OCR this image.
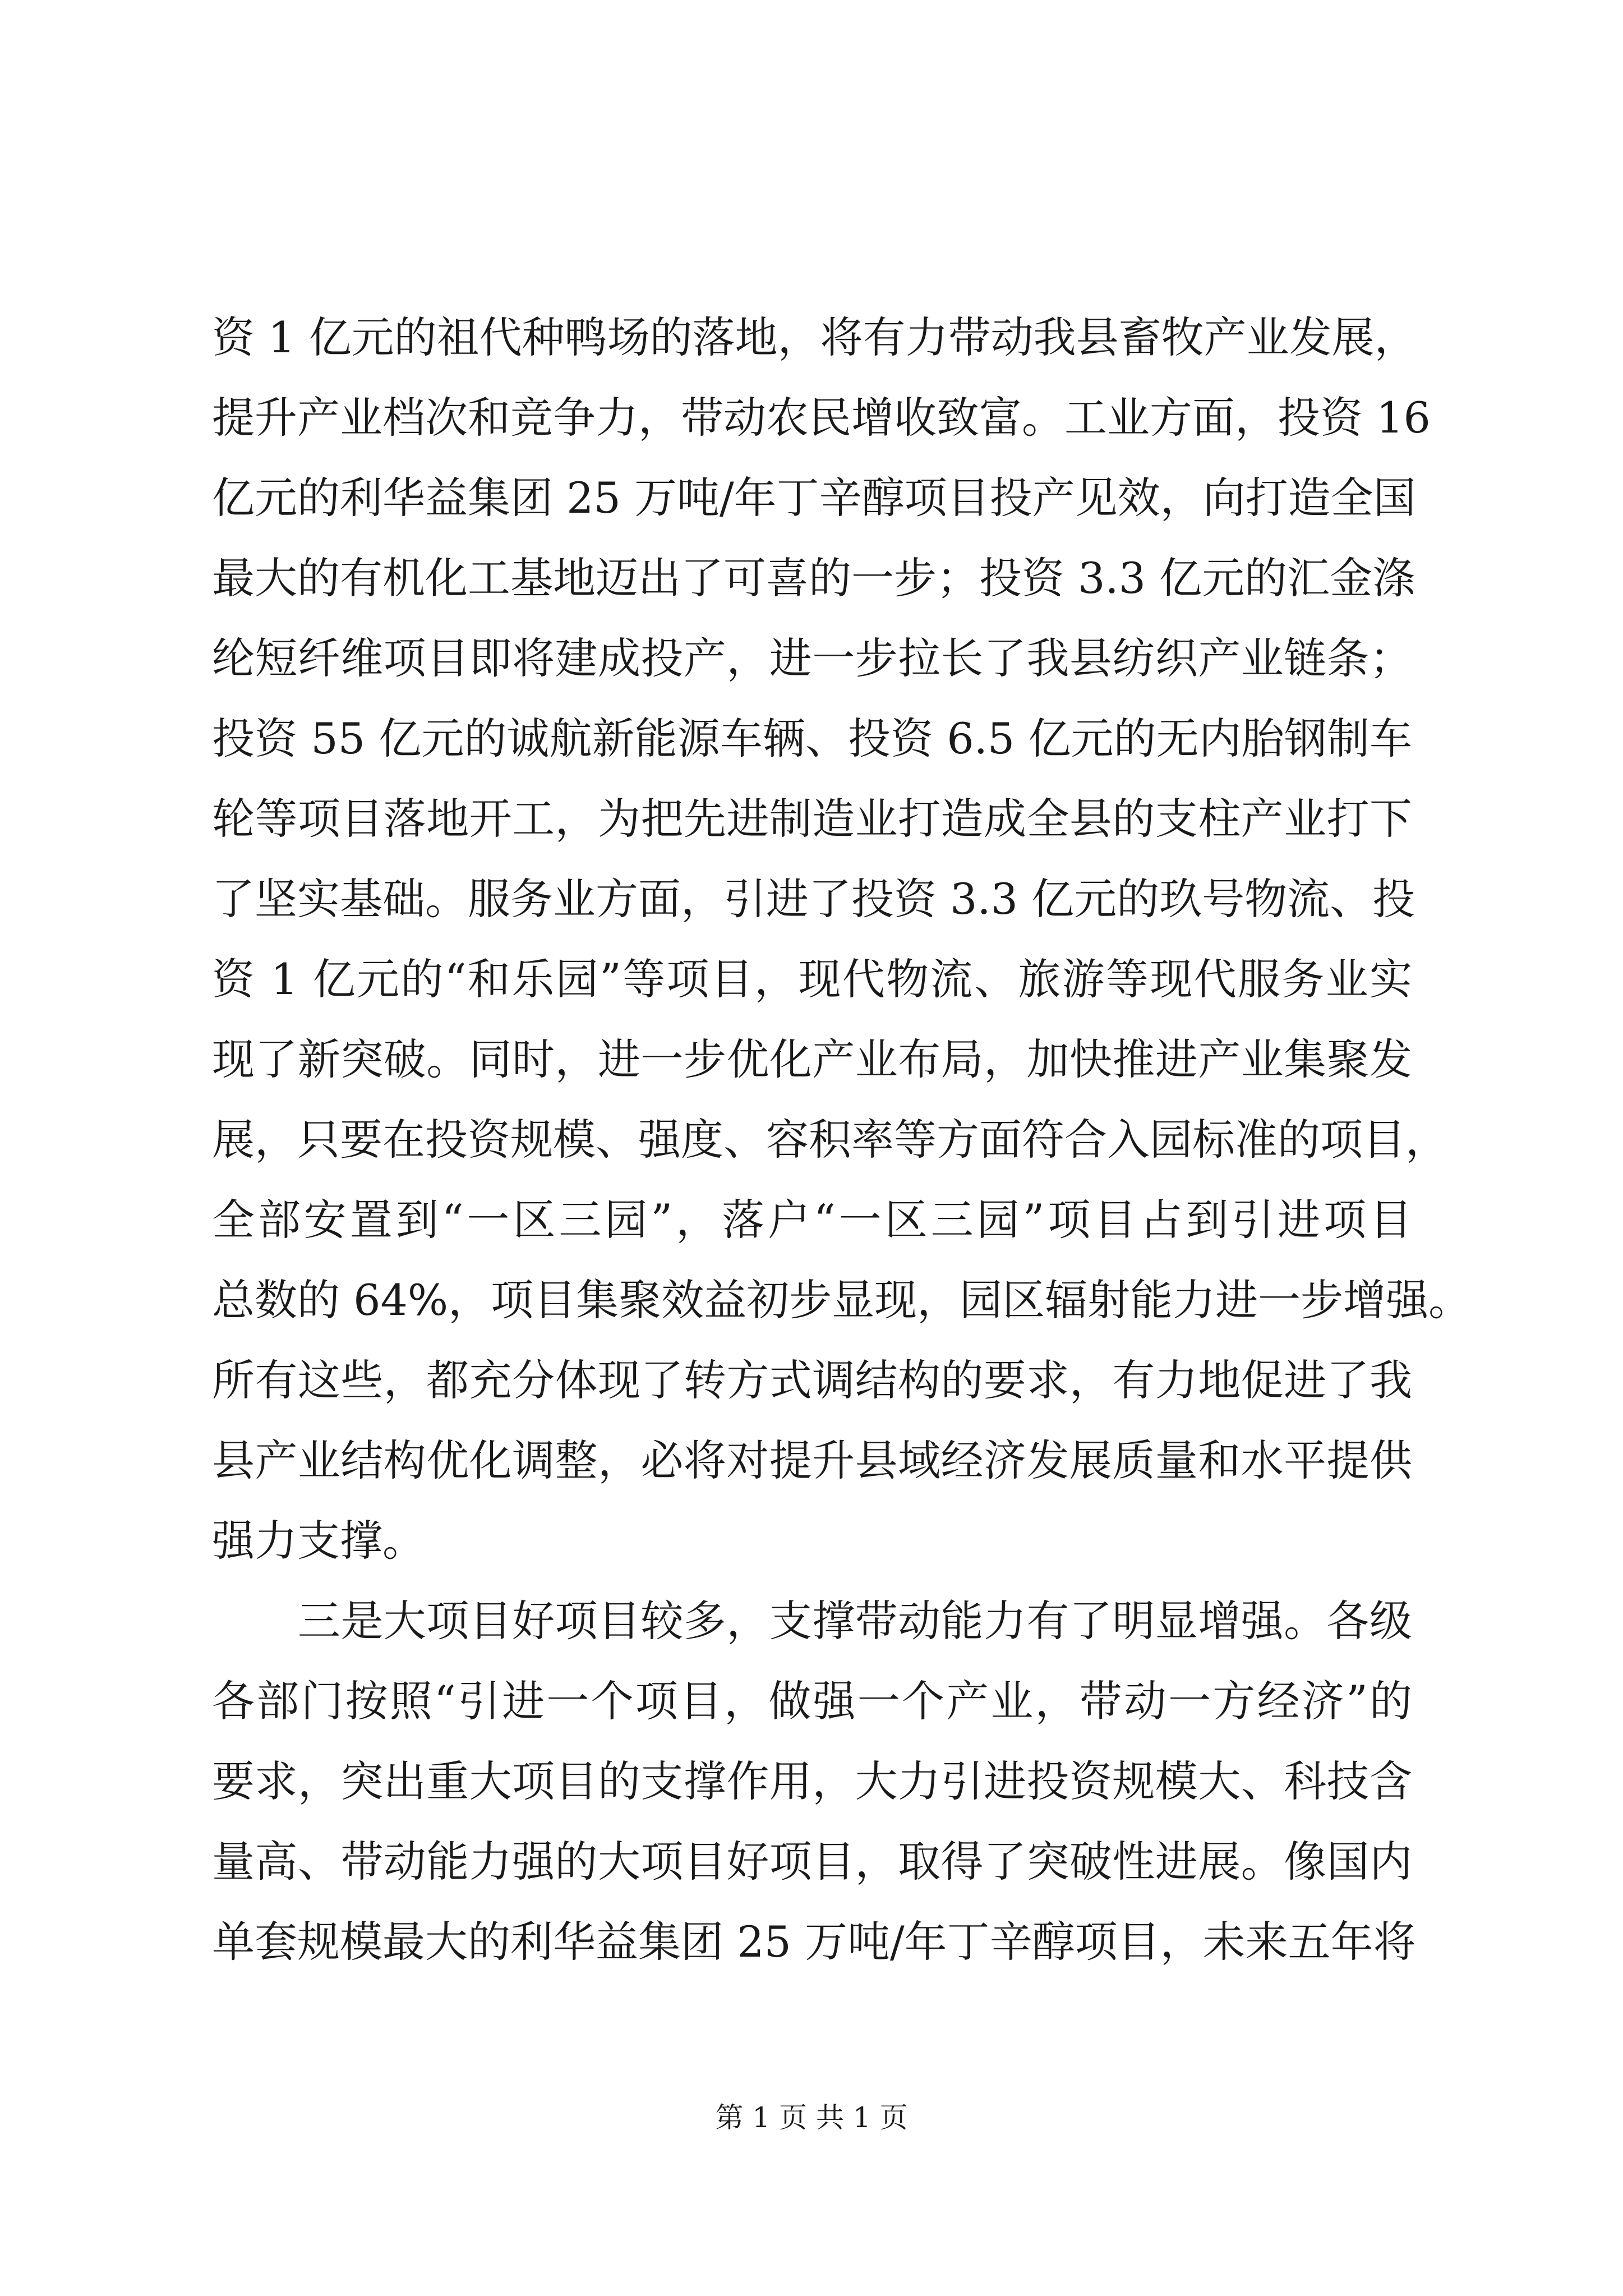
资 1 亿元的祖代种鸭场的落地，将有力带动我县畜牧产业发展，
提升产业档次和竞争力，带动农民增收致富。工业方面，投资 16
亿元的利华益集团 25 万吨/年丁辛醇项目投产见效，向打造全国
最大的有机化工基地迈出了可喜的一步；投资 3.3 亿元的汇金涤
纶短纤维项目即将建成投产，进一步拉长了我县纺织产业链条；
投资 55 亿元的诚航新能源车辆、投资 6.5 亿元的无内胎钢制车
轮等项目落地开工，为把先进制造业打造成全县的支柱产业打下
了坚实基础。服务业方面，引进了投资 3.3 亿元的玖号物流、投
资 1 亿元的“和乐园”等项目，现代物流、旅游等现代服务业实
现了新突破。同时，进一步优化产业布局，加快推进产业集聚发
展，只要在投资规模、强度、容积率等方面符合入园标准的项目，
全部安置到“一区三园”，落户“一区三园”项目占到引进项目
总数的 64%，项目集聚效益初步显现，园区辐射能力进一步增强。
所有这些，都充分体现了转方式调结构的要求，有力地促进了我
县产业结构优化调整，必将对提升县域经济发展质量和水平提供
强力支撑。
　　三是大项目好项目较多，支撑带动能力有了明显增强。各级
各部门按照“引进一个项目，做强一个产业，带动一方经济”的
要求，突出重大项目的支撑作用，大力引进投资规模大、科技含
量高、带动能力强的大项目好项目，取得了突破性进展。像国内
单套规模最大的利华益集团 25 万吨/年丁辛醇项目，未来五年将
第 1 页 共 1 页
